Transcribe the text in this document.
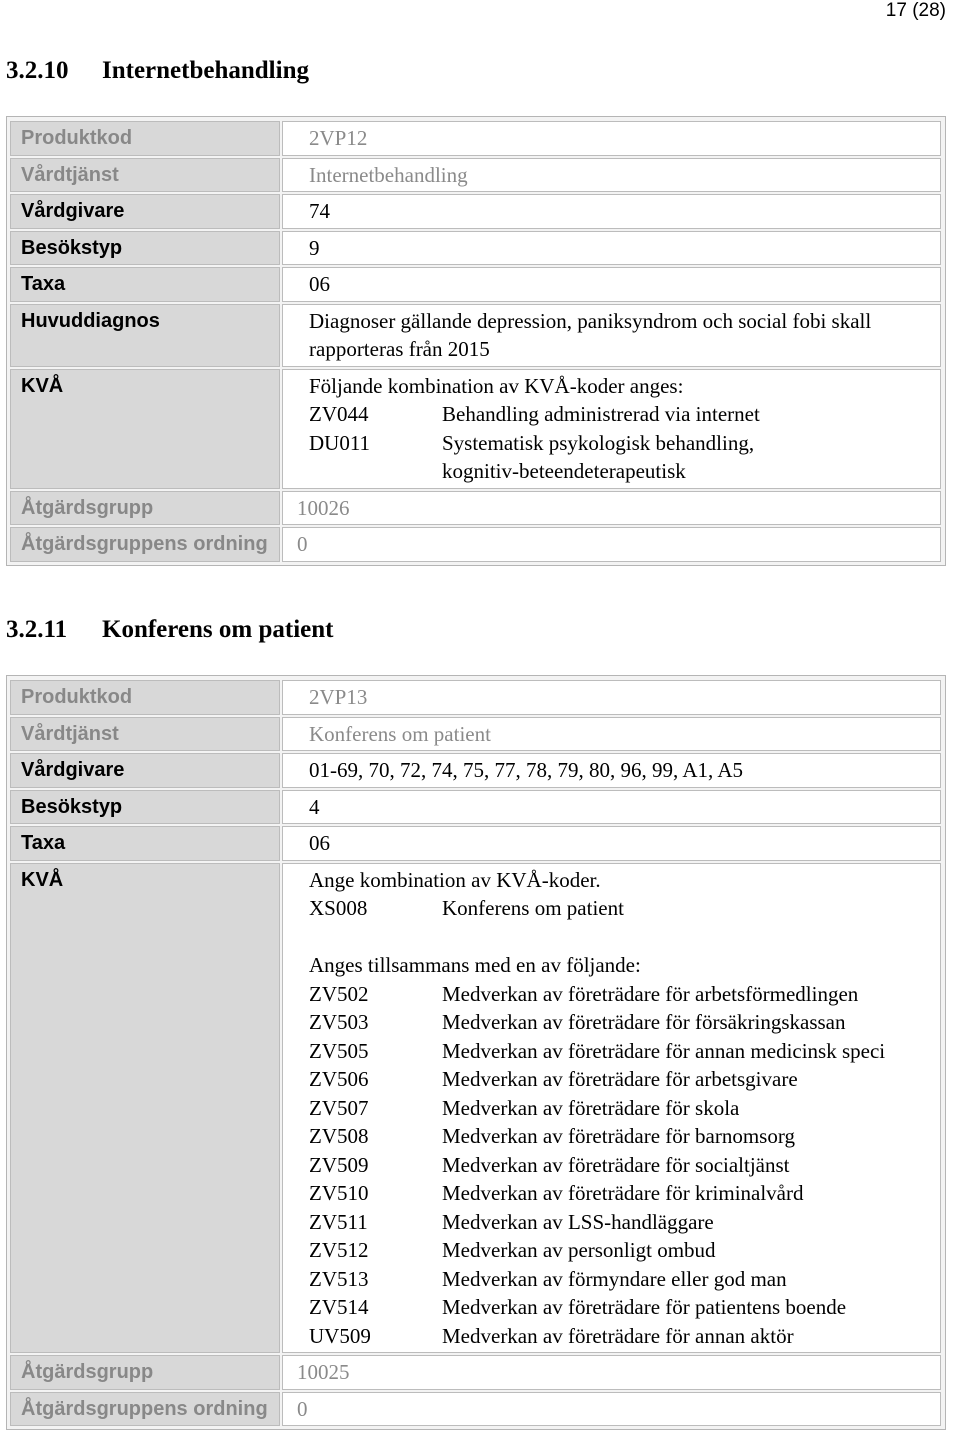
17 (28)
3.2.10 Internetbehandling
Produktkod	2VP12
Vårdtjänst	Internetbehandling
Vårdgivare	74
Besökstyp	9
Taxa	06
Huvuddiagnos	Diagnoser gällande depression, paniksyndrom och social fobi skall rapporteras från 2015
KVÅ	Följande kombination av KVÅ-koder anges:
ZV044	Behandling administrerad via internet
DU011	Systematisk psykologisk behandling, kognitiv-beteendeterapeutisk
Åtgärdsgrupp	10026
Åtgärdsgruppens ordning	0
3.2.11 Konferens om patient
Produktkod	2VP13
Vårdtjänst	Konferens om patient
Vårdgivare	01-69, 70, 72, 74, 75, 77, 78, 79, 80, 96, 99, A1, A5
Besökstyp	4
Taxa	06
KVÅ	Ange kombination av KVÅ-koder.
XS008	Konferens om patient
Anges tillsammans med en av följande:
ZV502	Medverkan av företrädare för arbetsförmedlingen
ZV503	Medverkan av företrädare för försäkringskassan
ZV505	Medverkan av företrädare för annan medicinsk speci
ZV506	Medverkan av företrädare för arbetsgivare
ZV507	Medverkan av företrädare för skola
ZV508	Medverkan av företrädare för barnomsorg
ZV509	Medverkan av företrädare för socialtjänst
ZV510	Medverkan av företrädare för kriminalvård
ZV511	Medverkan av LSS-handläggare
ZV512	Medverkan av personligt ombud
ZV513	Medverkan av förmyndare eller god man
ZV514	Medverkan av företrädare för patientens boende
UV509	Medverkan av företrädare för annan aktör
Åtgärdsgrupp	10025
Åtgärdsgruppens ordning	0
